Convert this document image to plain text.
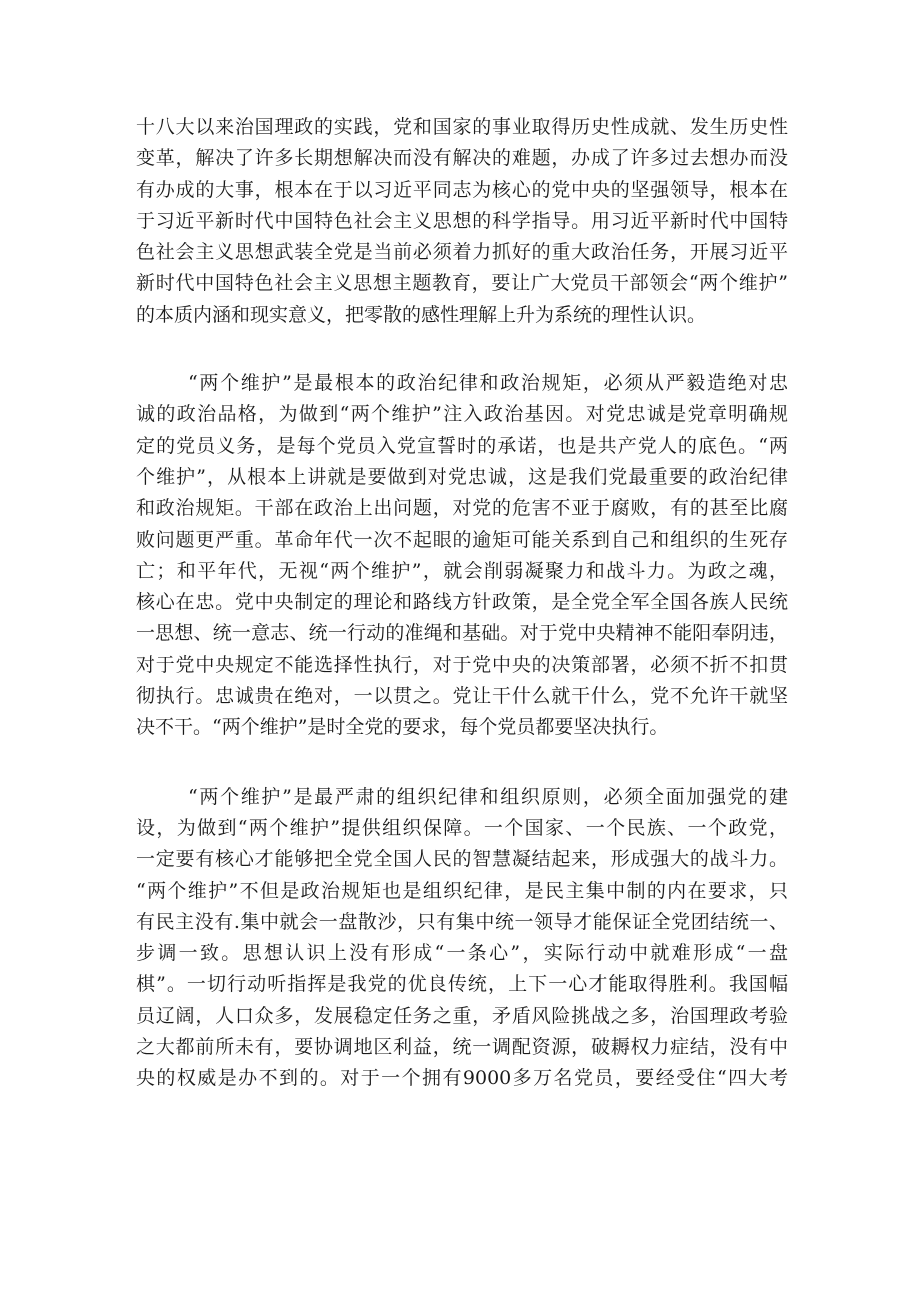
十八大以来治国理政的实践，党和国家的事业取得历史性成就、发生历史性
变革，解决了许多长期想解决而没有解决的难题，办成了许多过去想办而没
有办成的大事，根本在于以习近平同志为核心的党中央的坚强领导，根本在
于习近平新时代中国特色社会主义思想的科学指导。用习近平新时代中国特
色社会主义思想武装全党是当前必须着力抓好的重大政治任务，开展习近平
新时代中国特色社会主义思想主题教育，要让广大党员干部领会“两个维护”
的本质内涵和现实意义，把零散的感性理解上升为系统的理性认识。
“两个维护”是最根本的政治纪律和政治规矩，必须从严毅造绝对忠
诚的政治品格，为做到“两个维护”注入政治基因。对党忠诚是党章明确规
定的党员义务，是每个党员入党宣誓时的承诺，也是共产党人的底色。“两
个维护”，从根本上讲就是要做到对党忠诚，这是我们党最重要的政治纪律
和政治规矩。干部在政治上出问题，对党的危害不亚于腐败，有的甚至比腐
败问题更严重。革命年代一次不起眼的逾矩可能关系到自己和组织的生死存
亡；和平年代，无视“两个维护”，就会削弱凝聚力和战斗力。为政之魂，
核心在忠。党中央制定的理论和路线方针政策，是全党全军全国各族人民统
一思想、统一意志、统一行动的准绳和基础。对于党中央精神不能阳奉阴违，
对于党中央规定不能选择性执行，对于党中央的决策部署，必须不折不扣贯
彻执行。忠诚贵在绝对，一以贯之。党让干什么就干什么，党不允许干就坚
决不干。“两个维护”是时全党的要求，每个党员都要坚决执行。
“两个维护”是最严肃的组织纪律和组织原则，必须全面加强党的建
设，为做到“两个维护”提供组织保障。一个国家、一个民族、一个政党，
一定要有核心才能够把全党全国人民的智慧凝结起来，形成强大的战斗力。
“两个维护”不但是政治规矩也是组织纪律，是民主集中制的内在要求，只
有民主没有.集中就会一盘散沙，只有集中统一领导才能保证全党团结统一、
步调一致。思想认识上没有形成“一条心”，实际行动中就难形成“一盘
棋”。一切行动听指挥是我党的优良传统，上下一心才能取得胜利。我国幅
员辽阔，人口众多，发展稳定任务之重，矛盾风险挑战之多，治国理政考验
之大都前所未有，要协调地区利益，统一调配资源，破耨权力症结，没有中
央的权威是办不到的。对于一个拥有9000多万名党员，要经受住“四大考
